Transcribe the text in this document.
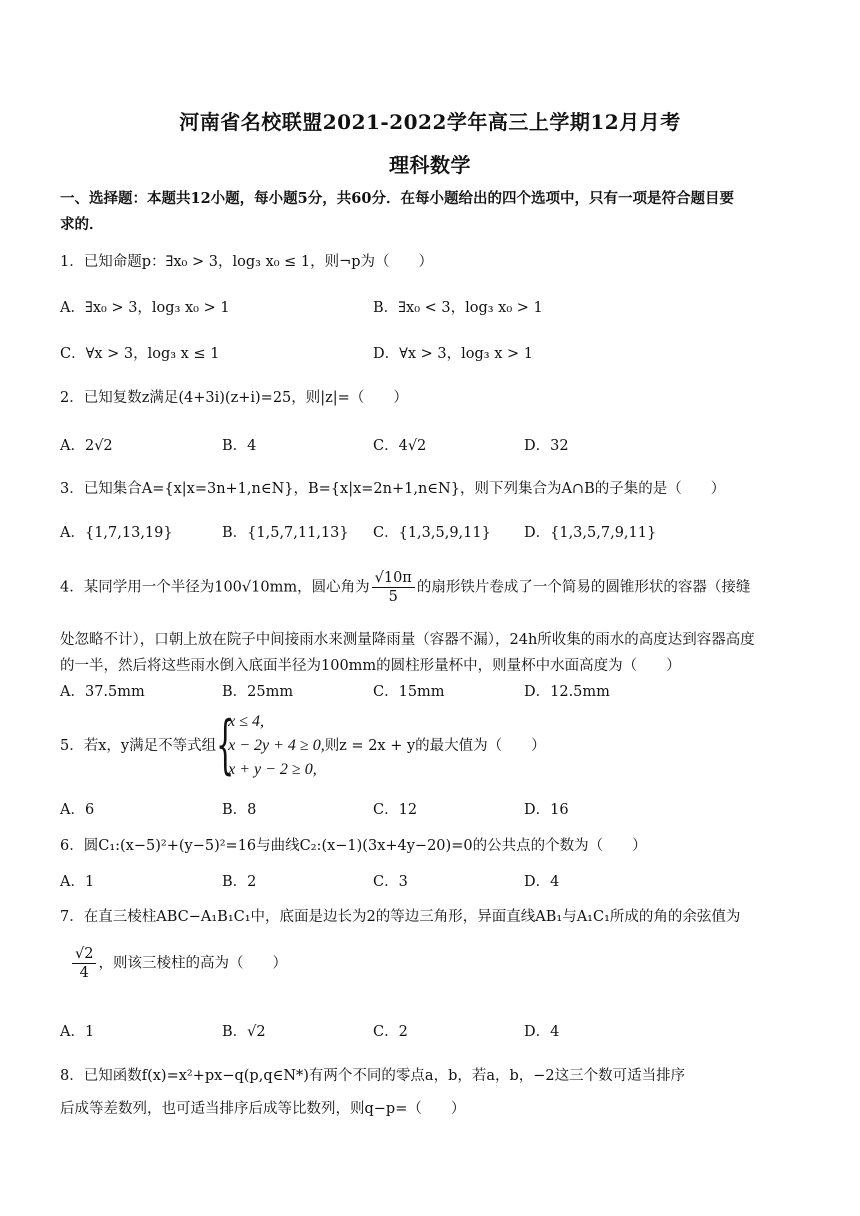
河南省名校联盟2021-2022学年高三上学期12月月考
理科数学
一、选择题：本题共12小题，每小题5分，共60分．在每小题给出的四个选项中，只有一项是符合题目要
求的．
1．已知命题p：∃x₀ > 3，log₃ x₀ ≤ 1，则¬p为（　　）
A．∃x₀ > 3，log₃ x₀ > 1	B．∃x₀ < 3，log₃ x₀ > 1
C．∀x > 3，log₃ x ≤ 1	D．∀x > 3，log₃ x > 1
2．已知复数z满足(4+3i)(z+i)=25，则|z|=（　　）
A．2√2	B．4	C．4√2	D．32
3．已知集合A={x|x=3n+1,n∈N}，B={x|x=2n+1,n∈N}，则下列集合为A∩B的子集的是（　　）
A．{1,7,13,19}	B．{1,5,7,11,13} C．{1,3,5,9,11} D．{1,3,5,7,9,11}
4．某同学用一个半径为100√10mm，圆心角为 $\frac{√10\pi}{5}$ 的扇形铁片卷成了一个简易的圆锥形状的容器（接缝
处忽略不计），口朝上放在院子中间接雨水来测量降雨量（容器不漏），24h所收集的雨水的高度达到容器高度
的一半，然后将这些雨水倒入底面半径为100mm的圆柱形量杯中，则量杯中水面高度为（　　）
A．37.5mm	B．25mm	C．15mm	D．12.5mm
5．若x，y满足不等式组 {
x ≤ 4,
x − 2y + 4 ≥ 0,
x + y − 2 ≥ 0,
则z = 2x + y的最大值为（　　）
A．6	B．8	C．12	D．16
6．圆C₁:(x−5)²+(y−5)²=16与曲线C₂:(x−1)(3x+4y−20)=0的公共点的个数为（　　）
A．1	B．2	C．3	D．4
7．在直三棱柱ABC−A₁B₁C₁中，底面是边长为2的等边三角形，异面直线AB₁与A₁C₁所成的角的余弦值为
$\frac{√2}{4}$ ，则该三棱柱的高为（　　）
A．1	B．√2	C．2	D．4
8．已知函数f(x)=x²+px−q(p,q∈N*)有两个不同的零点a，b，若a，b，−2这三个数可适当排序
后成等差数列，也可适当排序后成等比数列，则q−p=（　　）
